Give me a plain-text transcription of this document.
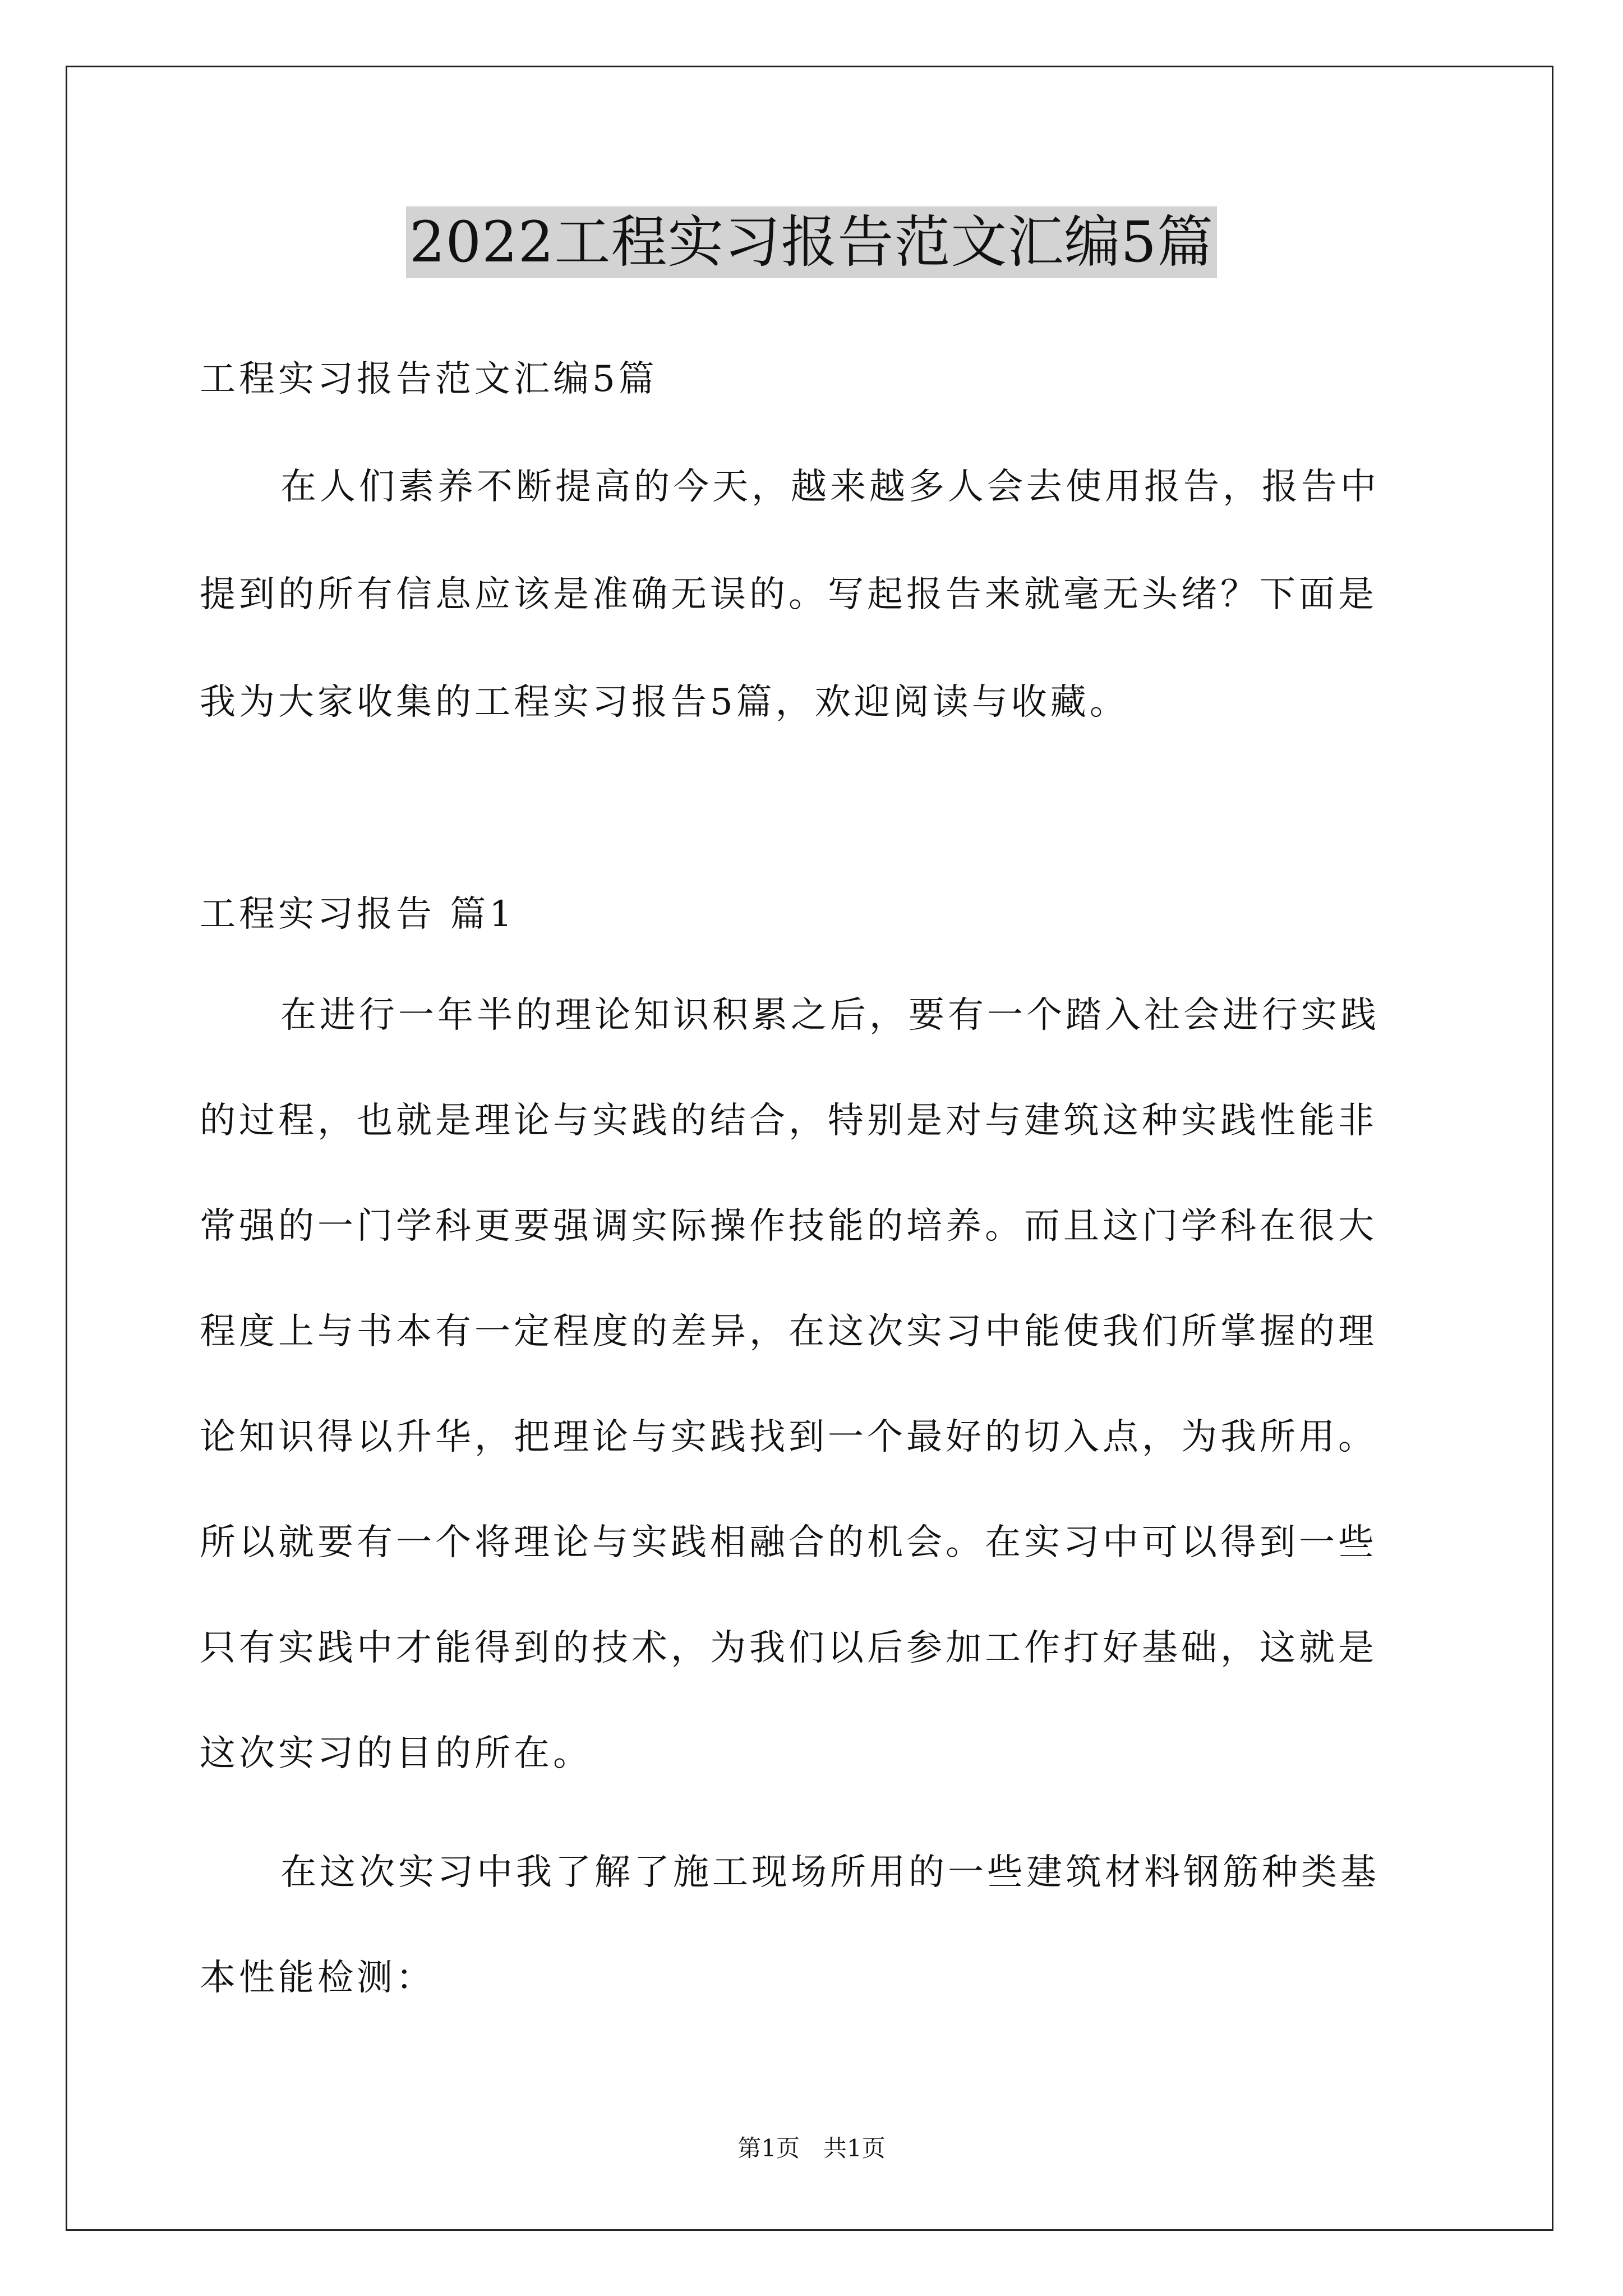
2022工程实习报告范文汇编5篇
工程实习报告范文汇编5篇
在人们素养不断提高的今天，越来越多人会去使用报告，报告中
提到的所有信息应该是准确无误的。写起报告来就毫无头绪？下面是
我为大家收集的工程实习报告5篇，欢迎阅读与收藏。
工程实习报告 篇1
在进行一年半的理论知识积累之后，要有一个踏入社会进行实践
的过程，也就是理论与实践的结合，特别是对与建筑这种实践性能非
常强的一门学科更要强调实际操作技能的培养。而且这门学科在很大
程度上与书本有一定程度的差异，在这次实习中能使我们所掌握的理
论知识得以升华，把理论与实践找到一个最好的切入点，为我所用。
所以就要有一个将理论与实践相融合的机会。在实习中可以得到一些
只有实践中才能得到的技术，为我们以后参加工作打好基础，这就是
这次实习的目的所在。
在这次实习中我了解了施工现场所用的一些建筑材料钢筋种类基
本性能检测：
第1页　共1页
